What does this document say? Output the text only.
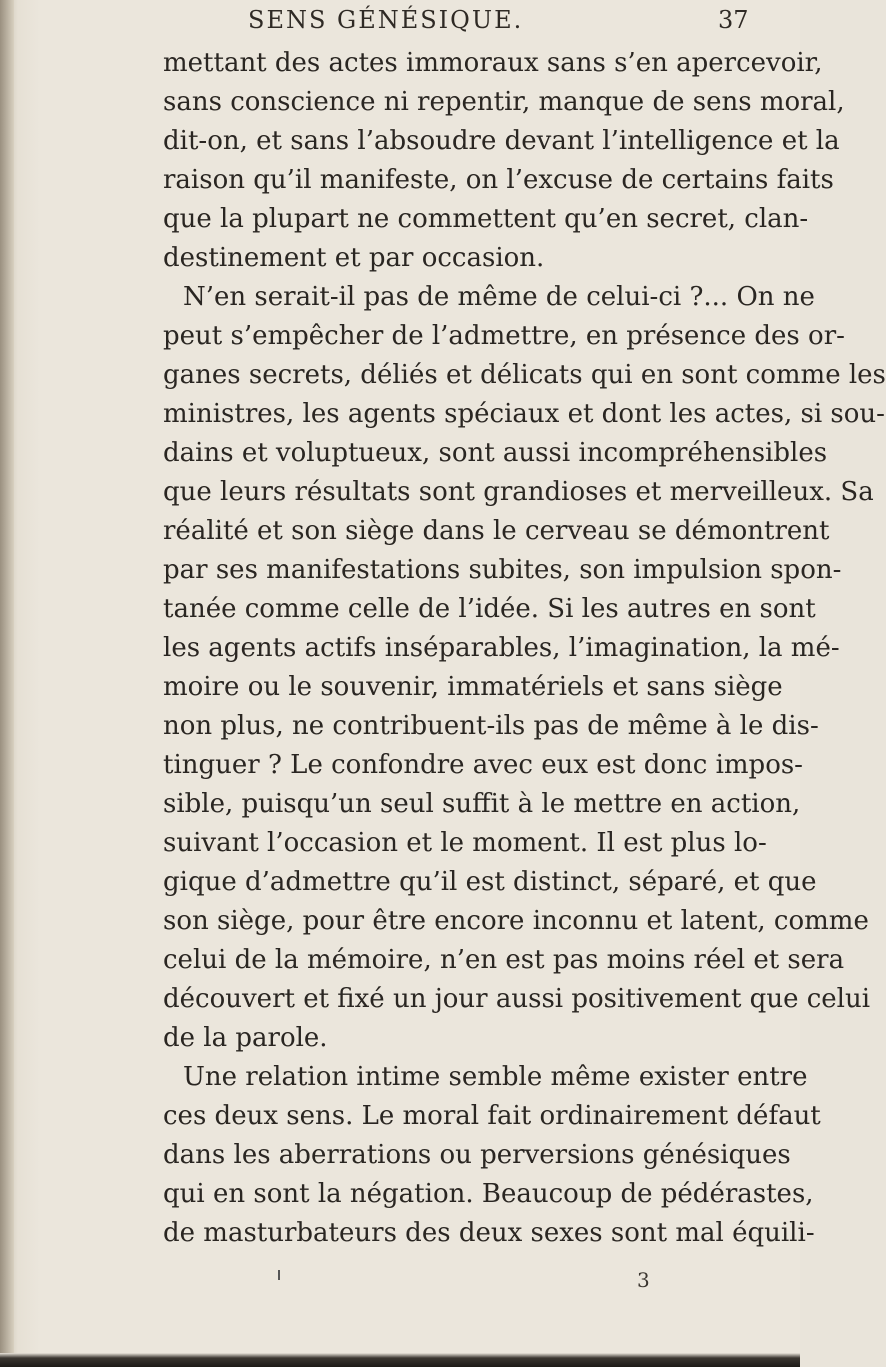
SENS GÉNÉSIQUE.	37
mettant des actes immoraux sans s’en apercevoir,
sans conscience ni repentir, manque de sens moral,
dit-on, et sans l’absoudre devant l’intelligence et la
raison qu’il manifeste, on l’excuse de certains faits
que la plupart ne commettent qu’en secret, clan-
destinement et par occasion.
N’en serait-il pas de même de celui-ci ?... On ne
peut s’empêcher de l’admettre, en présence des or-
ganes secrets, déliés et délicats qui en sont comme les
ministres, les agents spéciaux et dont les actes, si sou-
dains et voluptueux, sont aussi incompréhensibles
que leurs résultats sont grandioses et merveilleux. Sa
réalité et son siège dans le cerveau se démontrent
par ses manifestations subites, son impulsion spon-
tanée comme celle de l’idée. Si les autres en sont
les agents actifs inséparables, l’imagination, la mé-
moire ou le souvenir, immatériels et sans siège
non plus, ne contribuent-ils pas de même à le dis-
tinguer ? Le confondre avec eux est donc impos-
sible, puisqu’un seul suffit à le mettre en action,
suivant l’occasion et le moment. Il est plus lo-
gique d’admettre qu’il est distinct, séparé, et que
son siège, pour être encore inconnu et latent, comme
celui de la mémoire, n’en est pas moins réel et sera
découvert et fixé un jour aussi positivement que celui
de la parole.
Une relation intime semble même exister entre
ces deux sens. Le moral fait ordinairement défaut
dans les aberrations ou perversions génésiques
qui en sont la négation. Beaucoup de pédérastes,
de masturbateurs des deux sexes sont mal équili-
3
